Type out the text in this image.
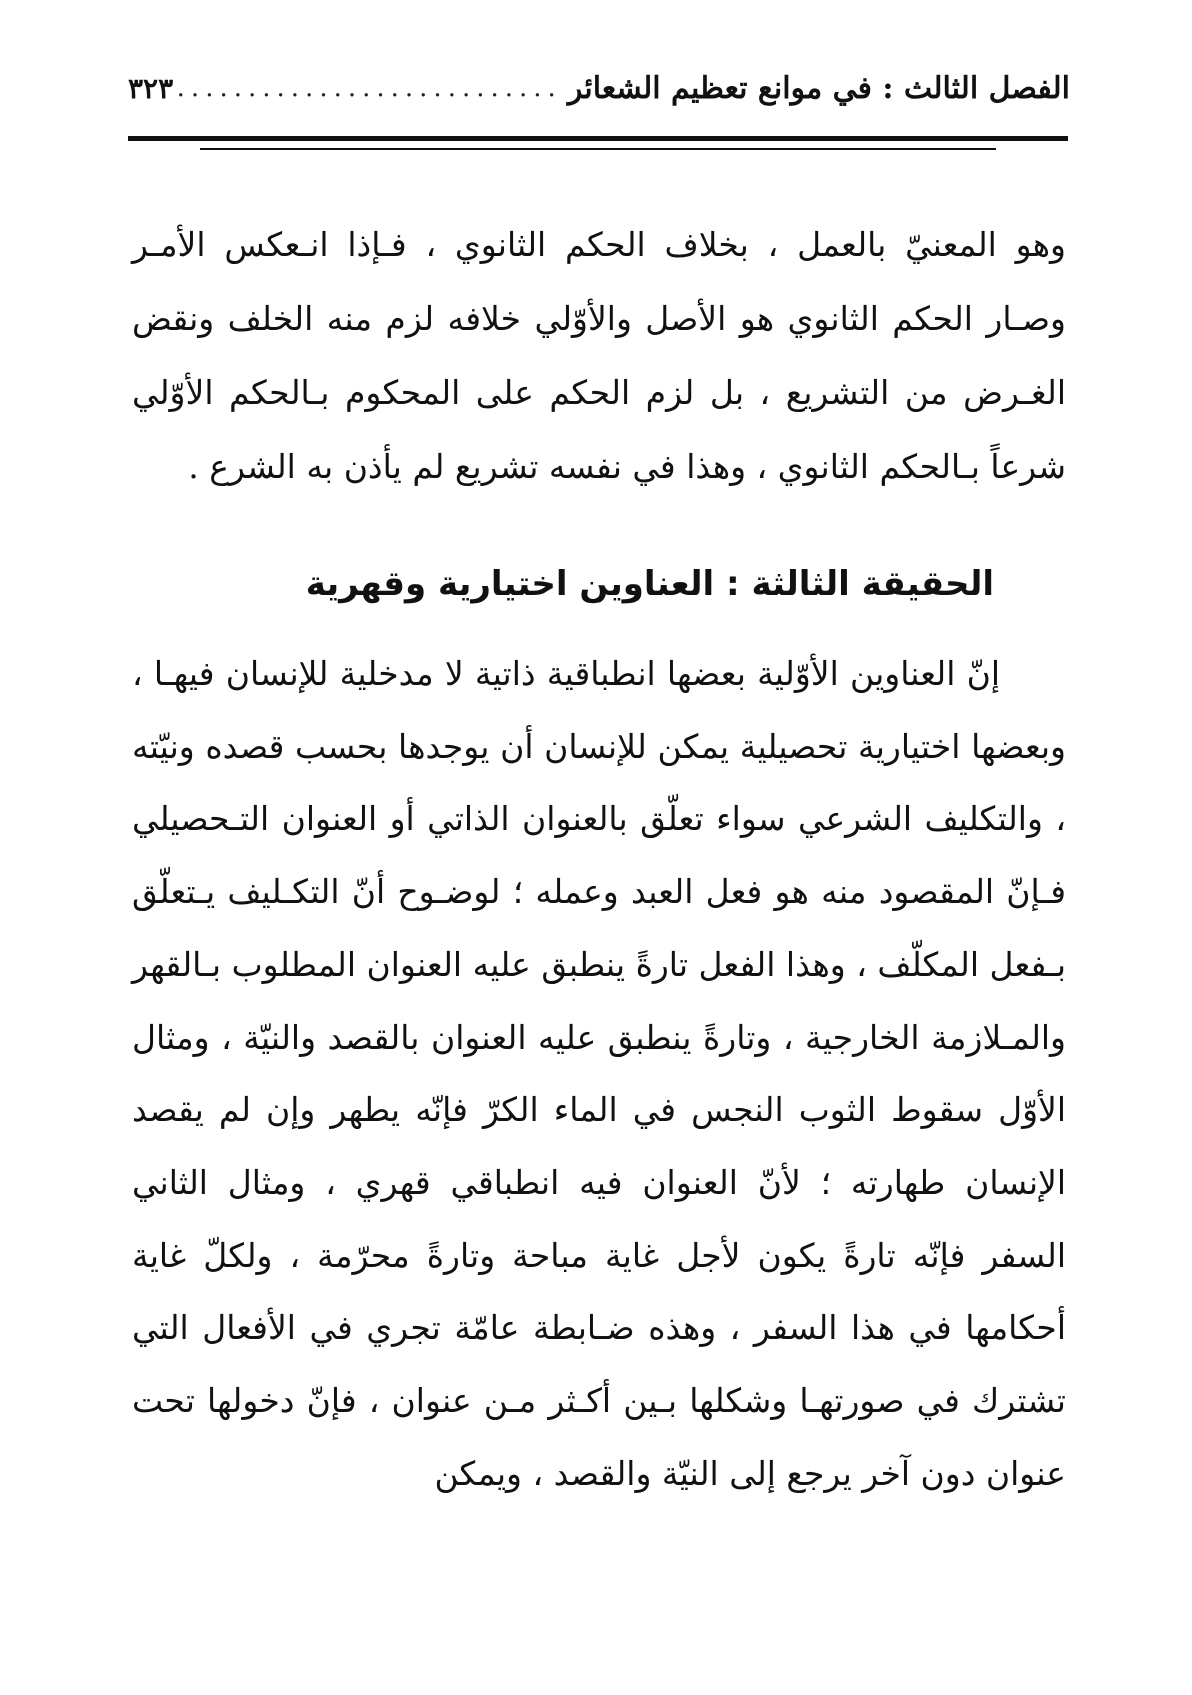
الفصل الثالث : في موانع تعظيم الشعائر
...........................
٣٢٣

وهو المعنيّ بالعمل ، بخلاف الحكم الثانوي ، فـإذا انـعكس الأمـر وصـار الحكم الثانوي هو الأصل والأوّلي خلافه لزم منه الخلف ونقض الغـرض من التشريع ، بل لزم الحكم على المحكوم بـالحكم الأوّلي شرعاً بـالحكم الثانوي ، وهذا في نفسه تشريع لم يأذن به الشرع .

الحقيقة الثالثة : العناوين اختيارية وقهرية

إنّ العناوين الأوّلية بعضها انطباقية ذاتية لا مدخلية للإنسان فيهـا ، وبعضها اختيارية تحصيلية يمكن للإنسان أن يوجدها بحسب قصده ونيّته ، والتكليف الشرعي سواء تعلّق بالعنوان الذاتي أو العنوان التـحصيلي فـإنّ المقصود منه هو فعل العبد وعمله ؛ لوضـوح أنّ التكـليف يـتعلّق بـفعل المكلّف ، وهذا الفعل تارةً ينطبق عليه العنوان المطلوب بـالقهر والمـلازمة الخارجية ، وتارةً ينطبق عليه العنوان بالقصد والنيّة ، ومثال الأوّل سقوط الثوب النجس في الماء الكرّ فإنّه يطهر وإن لم يقصد الإنسان طهارته ؛ لأنّ العنوان فيه انطباقي قهري ، ومثال الثاني السفر فإنّه تارةً يكون لأجل غاية مباحة وتارةً محرّمة ، ولكلّ غاية أحكامها في هذا السفر ، وهذه ضـابطة عامّة تجري في الأفعال التي تشترك في صورتهـا وشكلها بـين أكـثر مـن عنوان ، فإنّ دخولها تحت عنوان دون آخر يرجع إلى النيّة والقصد ، ويمكن
